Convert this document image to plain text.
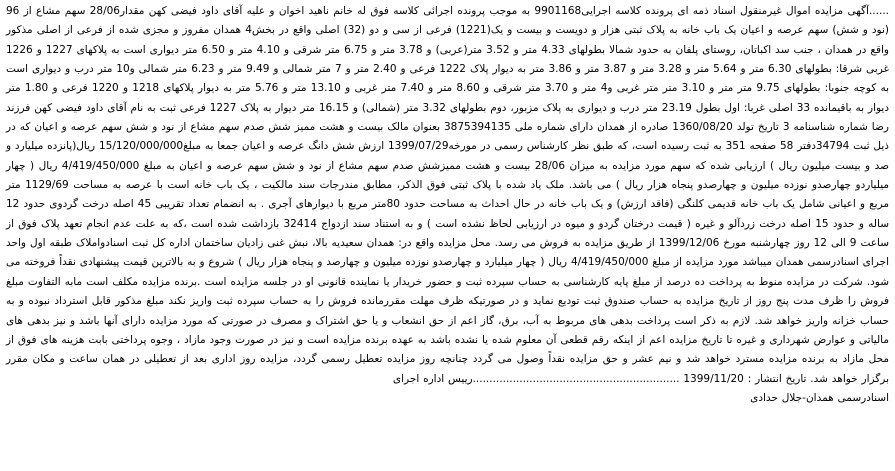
......آگهی مزایده اموال غیرمنقول اسناد ذمه ای پرونده کلاسه اجرایی9901168 به موجب پرونده اجرائی کلاسه فوق له خانم ناهید اخوان و علیه آقای داود فیضی کهن مقدار28/06 سهم مشاع از 96 (نود و شش) سهم عرصه و اعیان یک باب خانه به پلاک ثبتی هزار و دویست و بیست و یک(1221) فرعی از سی و دو (32) اصلی واقع در بخش4 همدان مفروز و مجزی شده از فرعی از اصلی مذکور واقع در همدان ، جنب سد اکباتان، روستای پلفان به حدود شمالا بطولهای 4.33 متر و 3.52 متر(عربی) و 3.78 متر و 6.75 متر شرقی و 4.10 متر و 6.50 متر دیواری است به پلاکهای 1227 و 1226 غربی شرقا: بطولهای 6.30 متر و 5.64 متر و 3.28 متر و 3.87 متر و 3.86 متر به دیوار پلاک 1222 فرعی و 2.40 متر و 7 متر شمالی و 9.49 متر و 6.23 متر شمالی و10 متر درب و دیواری است به کوچه جنوبا: بطولهای 9.75 متر متر و 3.10 متر متر غربی و4 متر و 3.70 متر شرقی و 8.60 متر و 7.40 متر غربی و 13.10 متر و 5.76 متر به دیوار پلاکهای 1218 و 1220 فرعی و 1.80 متر دیوار به باقیمانده 33 اصلی غربا: اول بطول 23.19 متر درب و دیواری به پلاک مزبور، دوم بطولهای 3.32 متر (شمالی) و 16.15 متر دیوار به پلاک 1227 فرعی ثبت به نام آقای داود فیضی کهن فرزند رضا شماره شناسنامه 3 تاریخ تولد 1360/08/20 صادره از همدان دارای شماره ملی 3875394135 بعنوان مالک بیست و هشت ممیز شش صدم سهم مشاع از نود و شش سهم عرصه و اعیان که در ذیل ثبت 34794دفتر 58 صفحه 351 به ثبت رسیده است، که طبق نظر کارشناس رسمی در مورخه1399/07/29 ارزش شش دانگ عرصه و اعیان جمعا به مبلغ15/120/000/000 ریال(پانزده میلیارد و صد و بیست میلیون ریال ) ارزیابی شده که سهم مورد مزایده به میزان 28/06 بیست و هشت ممیزشش صدم سهم مشاع از نود و شش سهم عرصه و اعیان به مبلغ 4/419/450/000 ریال ( چهار میلیاردو چهارصدو نوزده میلیون و چهارصدو پنجاه هزار ریال ) می باشد. ملک یاد شده با پلاک ثبتی فوق الذکر، مطابق مندرجات سند مالکیت ، یک باب خانه است با عرصه به مساحت 1129/69 متر مربع و اعیانی شامل یک باب خانه قدیمی کلنگی (فاقد ارزش) و یک باب خانه در حال احداث به مساحت حدود 80متر مربع با دیوارهای آجری . به انضمام تعداد تقریبی 45 اصله درخت گردوی حدود 12 ساله و حدود 15 اصله درخت زردآلو و غیره ( قیمت درختان گردو و میوه در ارزیابی لحاظ نشده است ) و به استناد سند ازدواج 32414 بازداشت شده است ،که به علت عدم انجام تعهد پلاک فوق از ساعت 9 الی 12 روز چهارشنبه مورخ 1399/12/06 از طریق مزایده به فروش می رسد. محل مزایده واقع در: همدان سعیدیه بالا، نبش غنی زادیان ساختمان اداره کل ثبت اسنادواملاک طبقه اول واحد اجرای اسنادرسمی همدان میباشد مورد مزایده از مبلغ 4/419/450/000 ریال ( چهار میلیارد و چهارصدو نوزده میلیون و چهارصد و پنجاه هزار ریال ) شروع و به بالاترین قیمت پیشنهادی نقداً فروخته می شود. شرکت در مزایده منوط به پرداخت ده درصد از مبلغ پایه کارشناسی به حساب سپرده ثبت و حضور خریدار یا نماینده قانونی او در جلسه مزایده است .برنده مزایده مکلف است مابه التفاوت مبلغ فروش را ظرف مدت پنج روز از تاریخ مزایده به حساب صندوق ثبت تودیع نماید و در صورتیکه ظرف مهلت مقررمانده فروش را به حساب سپرده ثبت واریز نکند مبلغ مذکور قابل استرداد نبوده و به حساب خزانه واریز خواهد شد. لازم به ذکر است پرداخت بدهی های مربوط به آب، برق، گاز اعم از حق انشعاب و یا حق اشتراک و مصرف در صورتی که مورد مزایده دارای آنها باشد و نیز بدهی های مالیاتی و عوارض شهرداری و غیره تا تاریخ مزایده اعم از اینکه رقم قطعی آن معلوم شده یا نشده باشد به عهده برنده مزایده است و نیز در صورت وجود مازاد ، وجوه پرداختی بابت هزینه های فوق از محل مازاد به برنده مزایده مسترد خواهد شد و نیم عشر و حق مزایده نقداً وصول می گردد چنانچه روز مزایده تعطیل رسمی گردد، مزایده روز اداری بعد از تعطیلی در همان ساعت و مکان مقرر برگزار خواهد شد. تاریخ انتشار : 1399/11/20 ..............................................................رییس اداره اجرای
اسنادرسمی همدان-جلال حدادی
